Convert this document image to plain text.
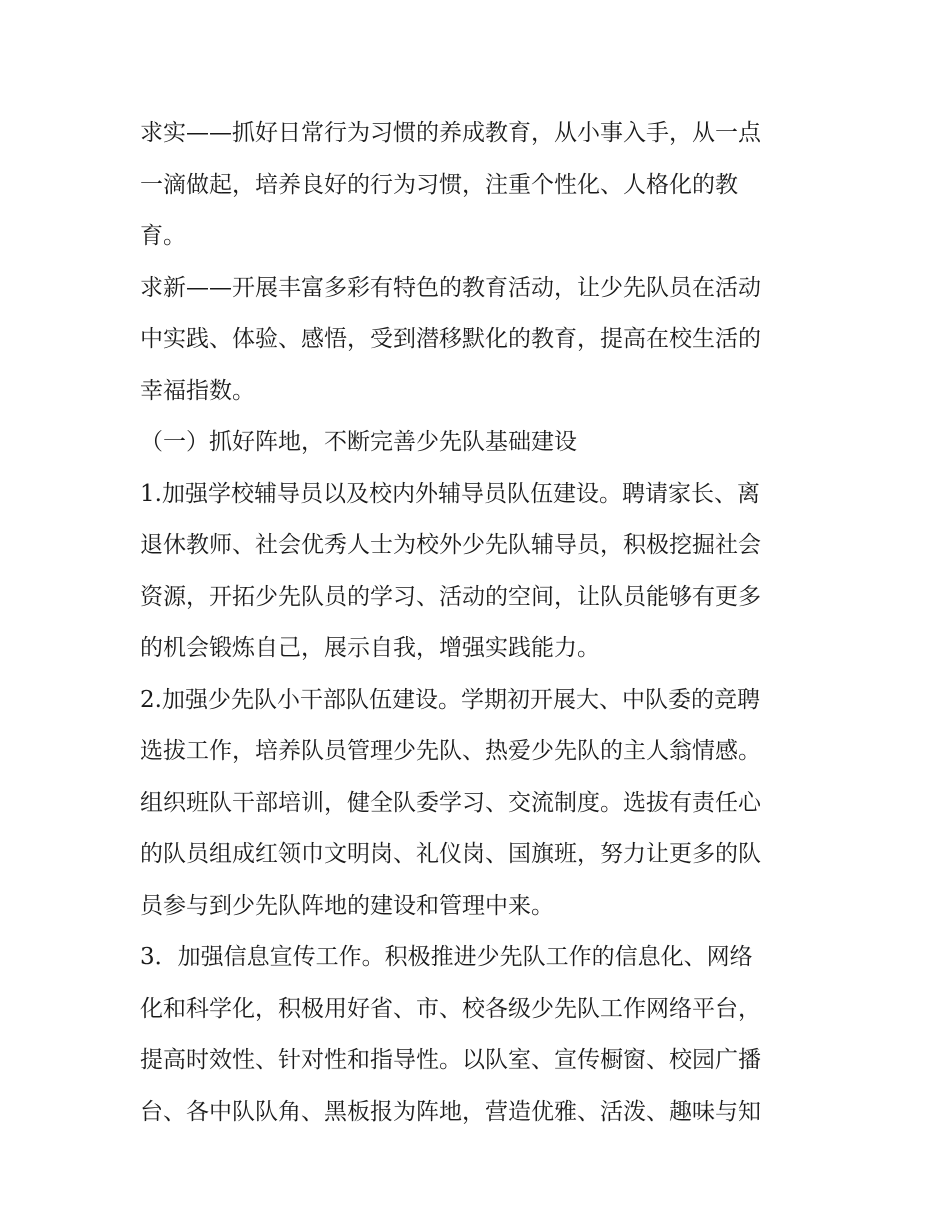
求实——抓好日常行为习惯的养成教育，从小事入手，从一点
一滴做起，培养良好的行为习惯，注重个性化、人格化的教
育。
求新——开展丰富多彩有特色的教育活动，让少先队员在活动
中实践、体验、感悟，受到潜移默化的教育，提高在校生活的
幸福指数。
（一）抓好阵地，不断完善少先队基础建设
1.加强学校辅导员以及校内外辅导员队伍建设。聘请家长、离
退休教师、社会优秀人士为校外少先队辅导员，积极挖掘社会
资源，开拓少先队员的学习、活动的空间，让队员能够有更多
的机会锻炼自己，展示自我，增强实践能力。
2.加强少先队小干部队伍建设。学期初开展大、中队委的竞聘
选拔工作，培养队员管理少先队、热爱少先队的主人翁情感。
组织班队干部培训，健全队委学习、交流制度。选拔有责任心
的队员组成红领巾文明岗、礼仪岗、国旗班，努力让更多的队
员参与到少先队阵地的建设和管理中来。
3．加强信息宣传工作。积极推进少先队工作的信息化、网络
化和科学化，积极用好省、市、校各级少先队工作网络平台，
提高时效性、针对性和指导性。以队室、宣传橱窗、校园广播
台、各中队队角、黑板报为阵地，营造优雅、活泼、趣味与知
